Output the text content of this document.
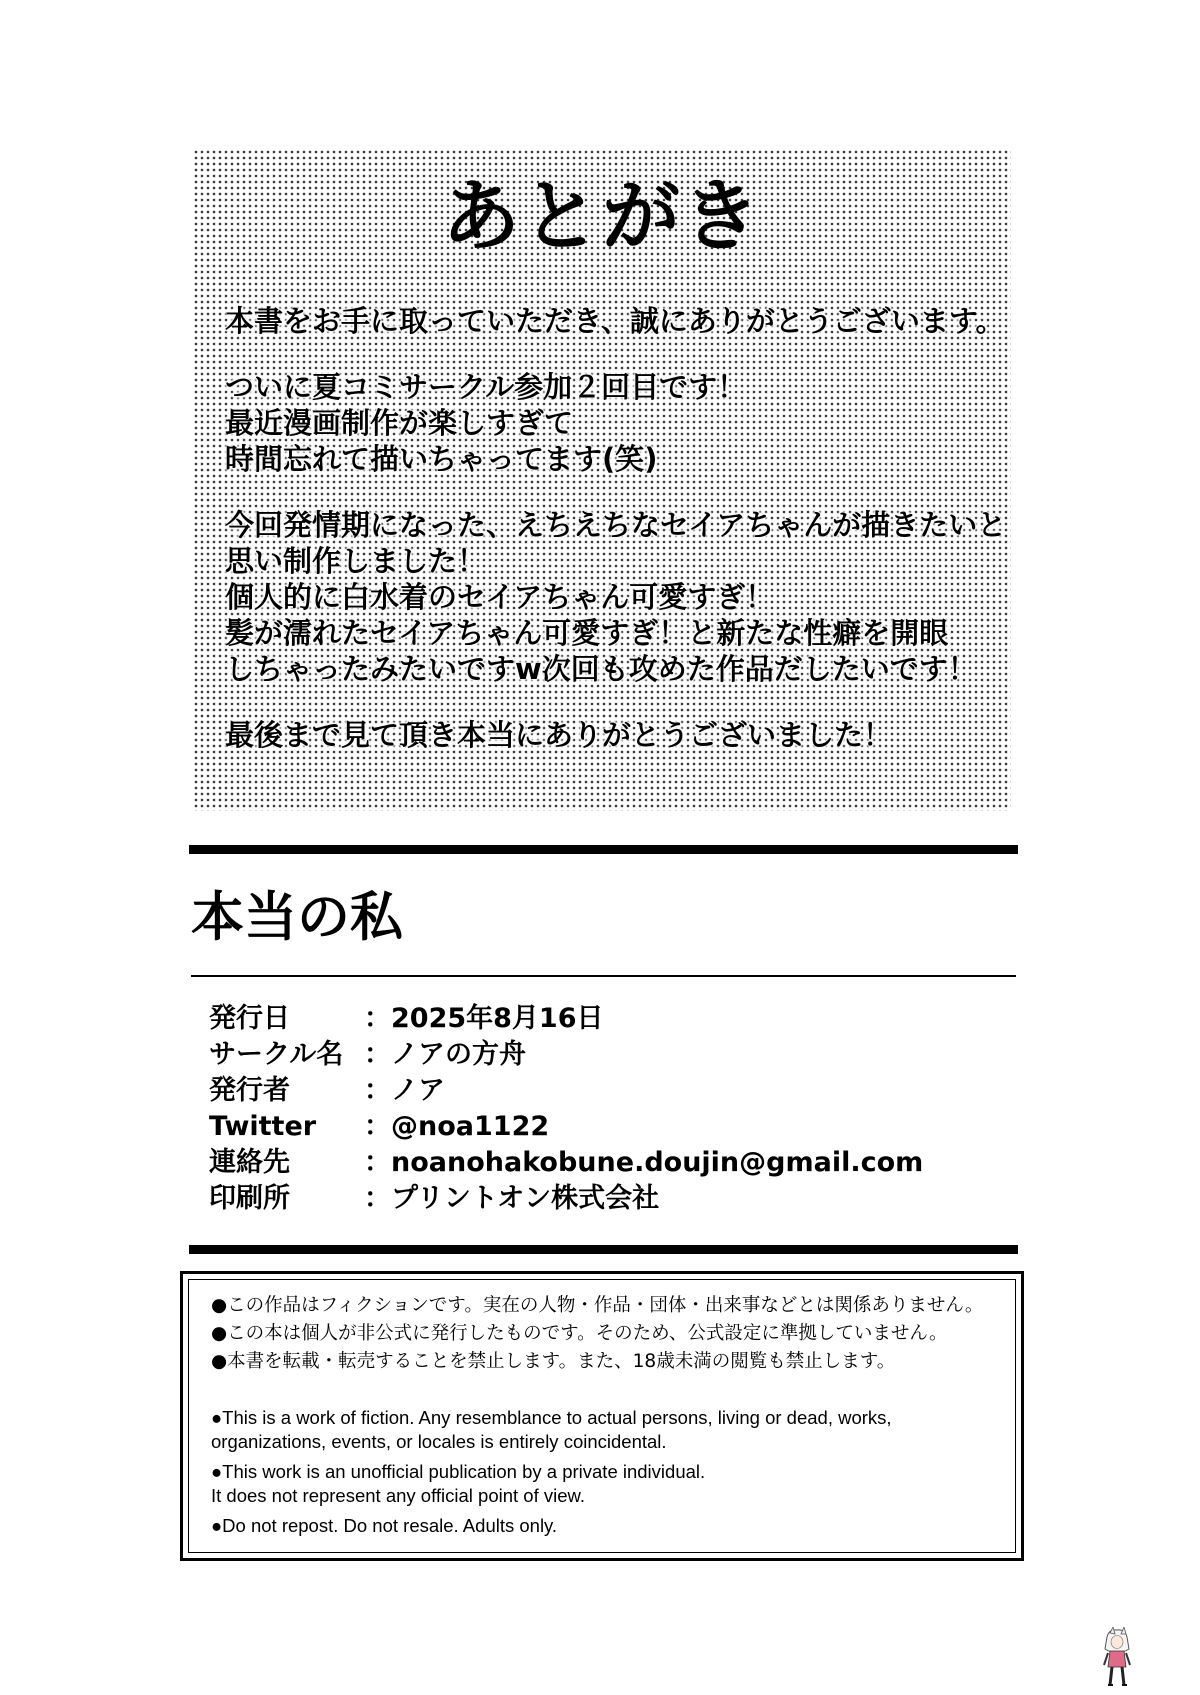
あとがき
本書をお手に取っていただき、誠にありがとうございます。
ついに夏コミサークル参加２回目です！
最近漫画制作が楽しすぎて
時間忘れて描いちゃってます(笑)
今回発情期になった、えちえちなセイアちゃんが描きたいと
思い制作しました！
個人的に白水着のセイアちゃん可愛すぎ！
髪が濡れたセイアちゃん可愛すぎ！と新たな性癖を開眼
しちゃったみたいですw次回も攻めた作品だしたいです！
最後まで見て頂き本当にありがとうございました！
本当の私
発行日	：2025年8月16日
サークル名 ：ノアの方舟
発行者	：ノア
Twitter ：@noa1122
連絡先	：noanohakobune.doujin@gmail.com
印刷所	：プリントオン株式会社
●この作品はフィクションです。実在の人物・作品・団体・出来事などとは関係ありません。
●この本は個人が非公式に発行したものです。そのため、公式設定に準拠していません。
●本書を転載・転売することを禁止します。また、18歳未満の閲覧も禁止します。
●This is a work of fiction. Any resemblance to actual persons, living or dead, works,
organizations, events, or locales is entirely coincidental.
●This work is an unofficial publication by a private individual.
It does not represent any official point of view.
●Do not repost. Do not resale. Adults only.
